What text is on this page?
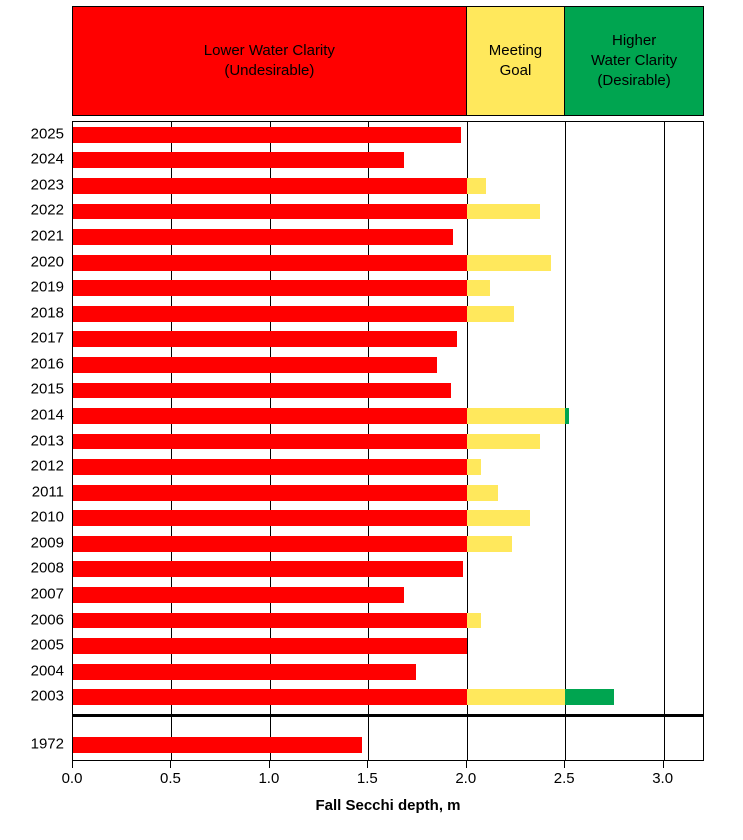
Lower Water Clarity
(Undesirable)
Meeting
Goal
Higher
Water Clarity
(Desirable)
2025
2024
2023
2022
2021
2020
2019
2018
2017
2016
2015
2014
2013
2012
2011
2010
2009
2008
2007
2006
2005
2004
2003
1972
0.0	0.5	1.0	1.5	2.0	2.5	3.0
Fall Secchi depth, m
